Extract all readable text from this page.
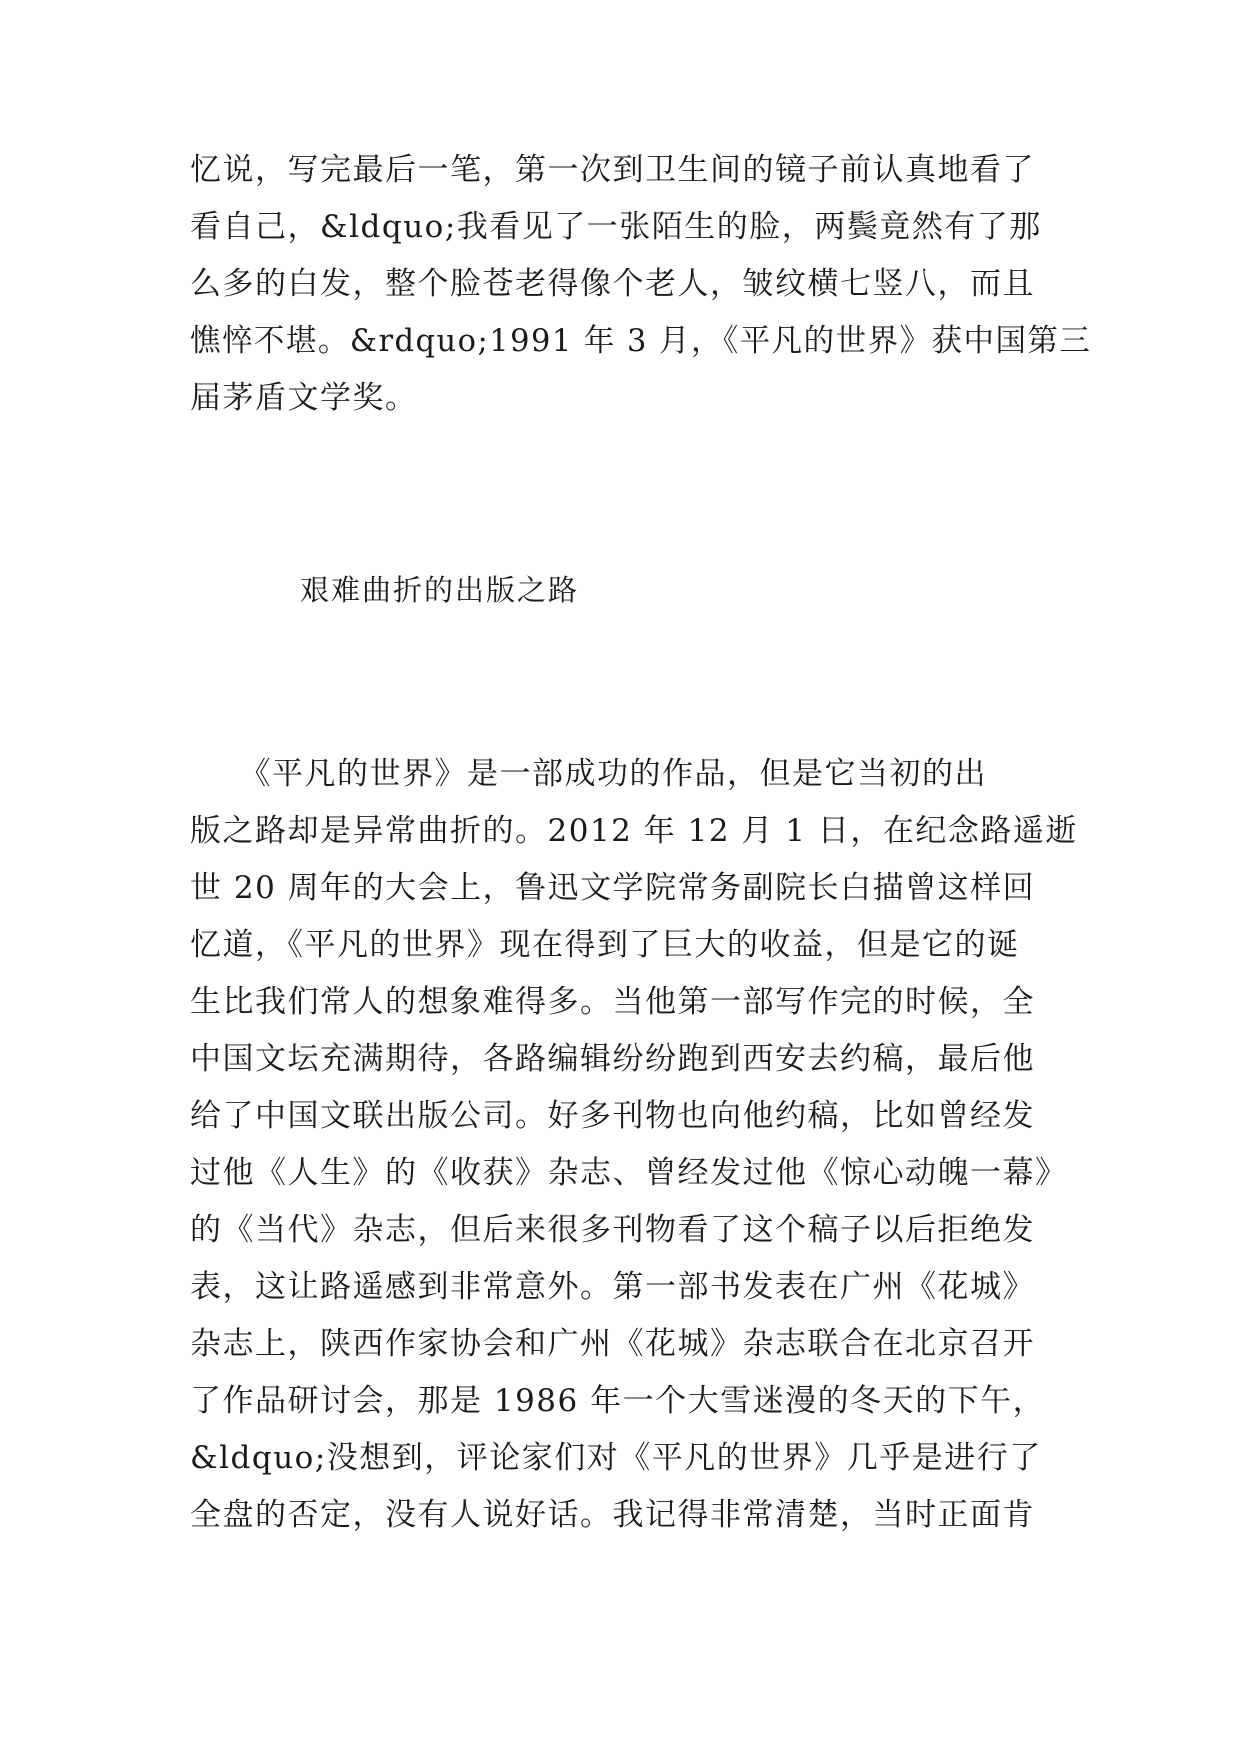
忆说，写完最后一笔，第一次到卫生间的镜子前认真地看了
看自己，&ldquo;我看见了一张陌生的脸，两鬓竟然有了那
么多的白发，整个脸苍老得像个老人，皱纹横七竖八，而且
憔悴不堪。&rdquo;1991 年 3 月，《平凡的世界》获中国第三
届茅盾文学奖。
艰难曲折的出版之路
　　《平凡的世界》是一部成功的作品，但是它当初的出
版之路却是异常曲折的。2012 年 12 月 1 日，在纪念路遥逝
世 20 周年的大会上，鲁迅文学院常务副院长白描曾这样回
忆道，《平凡的世界》现在得到了巨大的收益，但是它的诞
生比我们常人的想象难得多。当他第一部写作完的时候，全
中国文坛充满期待，各路编辑纷纷跑到西安去约稿，最后他
给了中国文联出版公司。好多刊物也向他约稿，比如曾经发
过他《人生》的《收获》杂志、曾经发过他《惊心动魄一幕》
的《当代》杂志，但后来很多刊物看了这个稿子以后拒绝发
表，这让路遥感到非常意外。第一部书发表在广州《花城》
杂志上，陕西作家协会和广州《花城》杂志联合在北京召开
了作品研讨会，那是 1986 年一个大雪迷漫的冬天的下午，
&ldquo;没想到，评论家们对《平凡的世界》几乎是进行了
全盘的否定，没有人说好话。我记得非常清楚，当时正面肯
